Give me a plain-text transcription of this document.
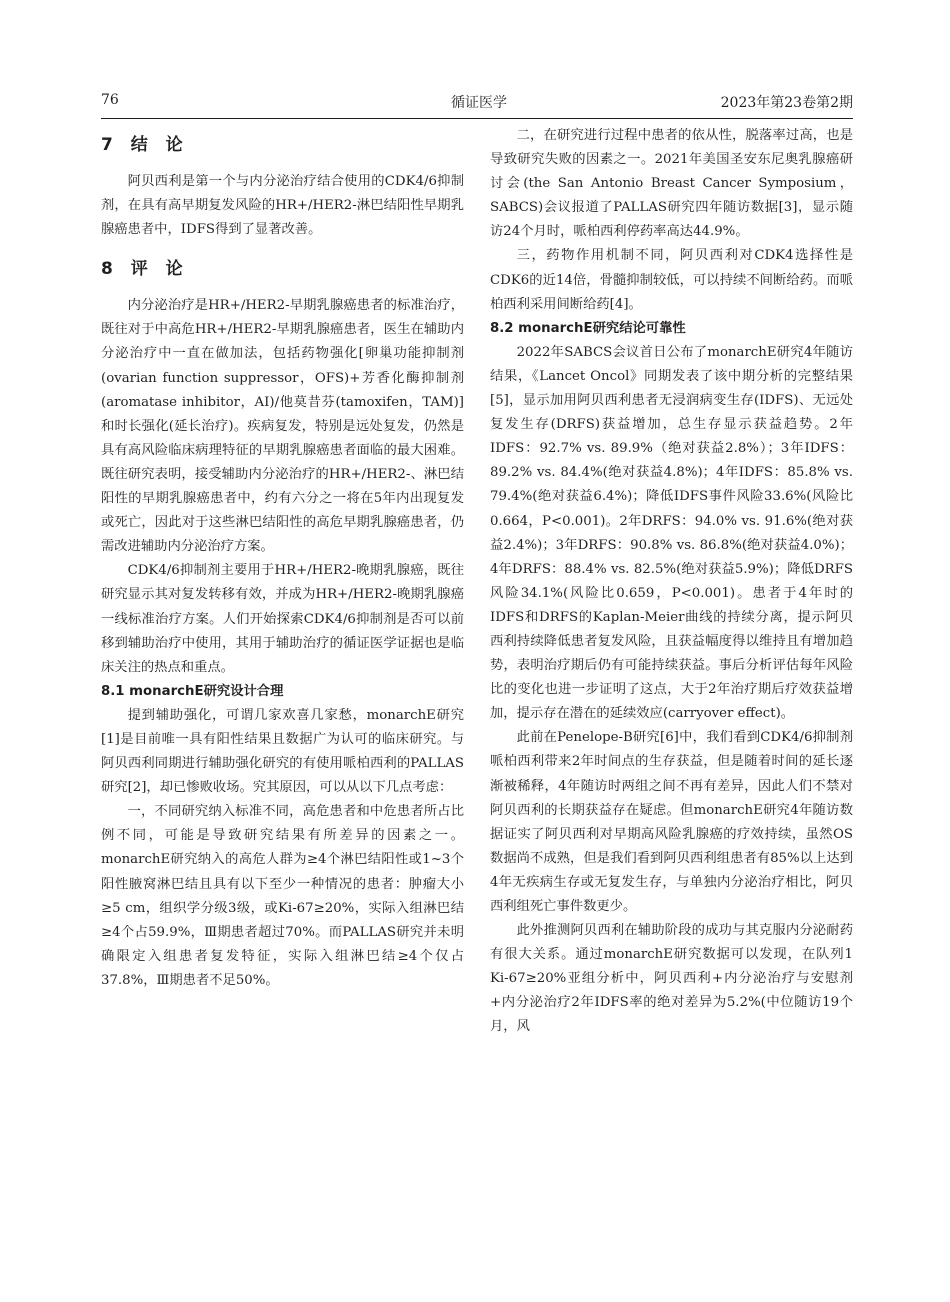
76	循证医学	2023年第23卷第2期
7 结 论

阿贝西利是第一个与内分泌治疗结合使用的CDK4/6抑制剂，在具有高早期复发风险的HR+/HER2-淋巴结阳性早期乳腺癌患者中，IDFS得到了显著改善。

8 评 论

内分泌治疗是HR+/HER2-早期乳腺癌患者的标准治疗，既往对于中高危HR+/HER2-早期乳腺癌患者，医生在辅助内分泌治疗中一直在做加法，包括药物强化[卵巢功能抑制剂(ovarian function suppressor，OFS)+芳香化酶抑制剂(aromatase inhibitor，AI)/他莫昔芬(tamoxifen，TAM)]和时长强化(延长治疗)。疾病复发，特别是远处复发，仍然是具有高风险临床病理特征的早期乳腺癌患者面临的最大困难。既往研究表明，接受辅助内分泌治疗的HR+/HER2-、淋巴结阳性的早期乳腺癌患者中，约有六分之一将在5年内出现复发或死亡，因此对于这些淋巴结阳性的高危早期乳腺癌患者，仍需改进辅助内分泌治疗方案。

CDK4/6抑制剂主要用于HR+/HER2-晚期乳腺癌，既往研究显示其对复发转移有效，并成为HR+/HER2-晚期乳腺癌一线标准治疗方案。人们开始探索CDK4/6抑制剂是否可以前移到辅助治疗中使用，其用于辅助治疗的循证医学证据也是临床关注的热点和重点。

8.1 monarchE研究设计合理

提到辅助强化，可谓几家欢喜几家愁，monarchE研究[1]是目前唯一具有阳性结果且数据广为认可的临床研究。与阿贝西利同期进行辅助强化研究的有使用哌柏西利的PALLAS研究[2]，却已惨败收场。究其原因，可以从以下几点考虑：

一，不同研究纳入标准不同，高危患者和中危患者所占比例不同，可能是导致研究结果有所差异的因素之一。monarchE研究纳入的高危人群为≥4个淋巴结阳性或1~3个阳性腋窝淋巴结且具有以下至少一种情况的患者：肿瘤大小≥5 cm，组织学分级3级，或Ki-67≥20%，实际入组淋巴结≥4个占59.9%，Ⅲ期患者超过70%。而PALLAS研究并未明确限定入组患者复发特征，实际入组淋巴结≥4个仅占37.8%，Ⅲ期患者不足50%。

二，在研究进行过程中患者的依从性，脱落率过高，也是导致研究失败的因素之一。2021年美国圣安东尼奥乳腺癌研讨会(the San Antonio Breast Cancer Symposium，SABCS)会议报道了PALLAS研究四年随访数据[3]，显示随访24个月时，哌柏西利停药率高达44.9%。

三，药物作用机制不同，阿贝西利对CDK4选择性是CDK6的近14倍，骨髓抑制较低，可以持续不间断给药。而哌柏西利采用间断给药[4]。

8.2 monarchE研究结论可靠性

2022年SABCS会议首日公布了monarchE研究4年随访结果，《Lancet Oncol》同期发表了该中期分析的完整结果[5]，显示加用阿贝西利患者无浸润病变生存(IDFS)、无远处复发生存(DRFS)获益增加，总生存显示获益趋势。2年IDFS：92.7% vs. 89.9%（绝对获益2.8%）；3年IDFS：89.2% vs. 84.4%(绝对获益4.8%)；4年IDFS：85.8% vs. 79.4%(绝对获益6.4%)；降低IDFS事件风险33.6%(风险比0.664，P<0.001)。2年DRFS：94.0% vs. 91.6%(绝对获益2.4%)；3年DRFS：90.8% vs. 86.8%(绝对获益4.0%)；4年DRFS：88.4% vs. 82.5%(绝对获益5.9%)；降低DRFS风险34.1%(风险比0.659，P<0.001)。患者于4年时的IDFS和DRFS的Kaplan-Meier曲线的持续分离，提示阿贝西利持续降低患者复发风险，且获益幅度得以维持且有增加趋势，表明治疗期后仍有可能持续获益。事后分析评估每年风险比的变化也进一步证明了这点，大于2年治疗期后疗效获益增加，提示存在潜在的延续效应(carryover effect)。

此前在Penelope-B研究[6]中，我们看到CDK4/6抑制剂哌柏西利带来2年时间点的生存获益，但是随着时间的延长逐渐被稀释，4年随访时两组之间不再有差异，因此人们不禁对阿贝西利的长期获益存在疑虑。但monarchE研究4年随访数据证实了阿贝西利对早期高风险乳腺癌的疗效持续，虽然OS数据尚不成熟，但是我们看到阿贝西利组患者有85%以上达到4年无疾病生存或无复发生存，与单独内分泌治疗相比，阿贝西利组死亡事件数更少。

此外推测阿贝西利在辅助阶段的成功与其克服内分泌耐药有很大关系。通过monarchE研究数据可以发现，在队列1 Ki-67≥20%亚组分析中，阿贝西利+内分泌治疗与安慰剂+内分泌治疗2年IDFS率的绝对差异为5.2%(中位随访19个月，风
